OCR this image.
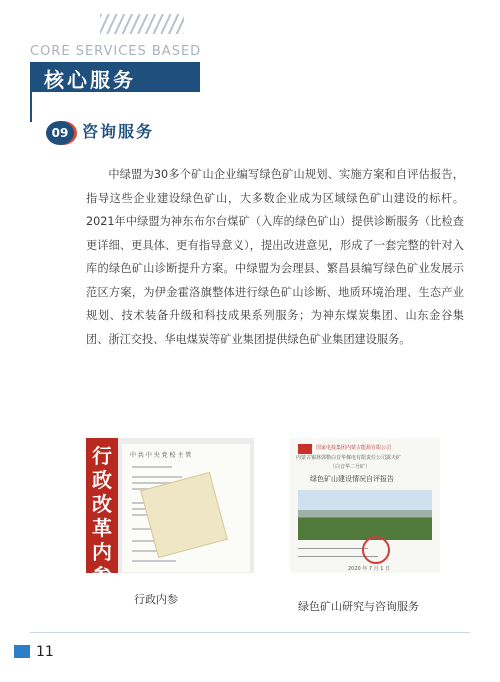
CORE SERVICES BASED
核心服务
09 咨询服务
中绿盟为30多个矿山企业编写绿色矿山规划、实施方案和自评估报告，指导这些企业建设绿色矿山，大多数企业成为区域绿色矿山建设的标杆。2021年中绿盟为神东布尔台煤矿（入库的绿色矿山）提供诊断服务（比检查更详细、更具体、更有指导意义），提出改进意见，形成了一套完整的针对入库的绿色矿山诊断提升方案。中绿盟为会理县、繁昌县编写绿色矿业发展示范区方案，为伊金霍洛旗整体进行绿色矿山诊断、地质环境治理、生态产业规划、技术装备升级和科技成果系列服务；为神东煤炭集团、山东金谷集团、浙江交投、华电煤炭等矿业集团提供绿色矿业集团建设服务。
行
政
改
革
内
参
中 共 中 央 党 校 主 管
国家电投集团内蒙古能源有限公司
内蒙古锡林郭勒白音华煤电有限责任公司露天矿
（白音华二号矿）
绿色矿山建设情况自评报告
2020 年 7 月 1 日
行政内参
绿色矿山研究与咨询服务
11
